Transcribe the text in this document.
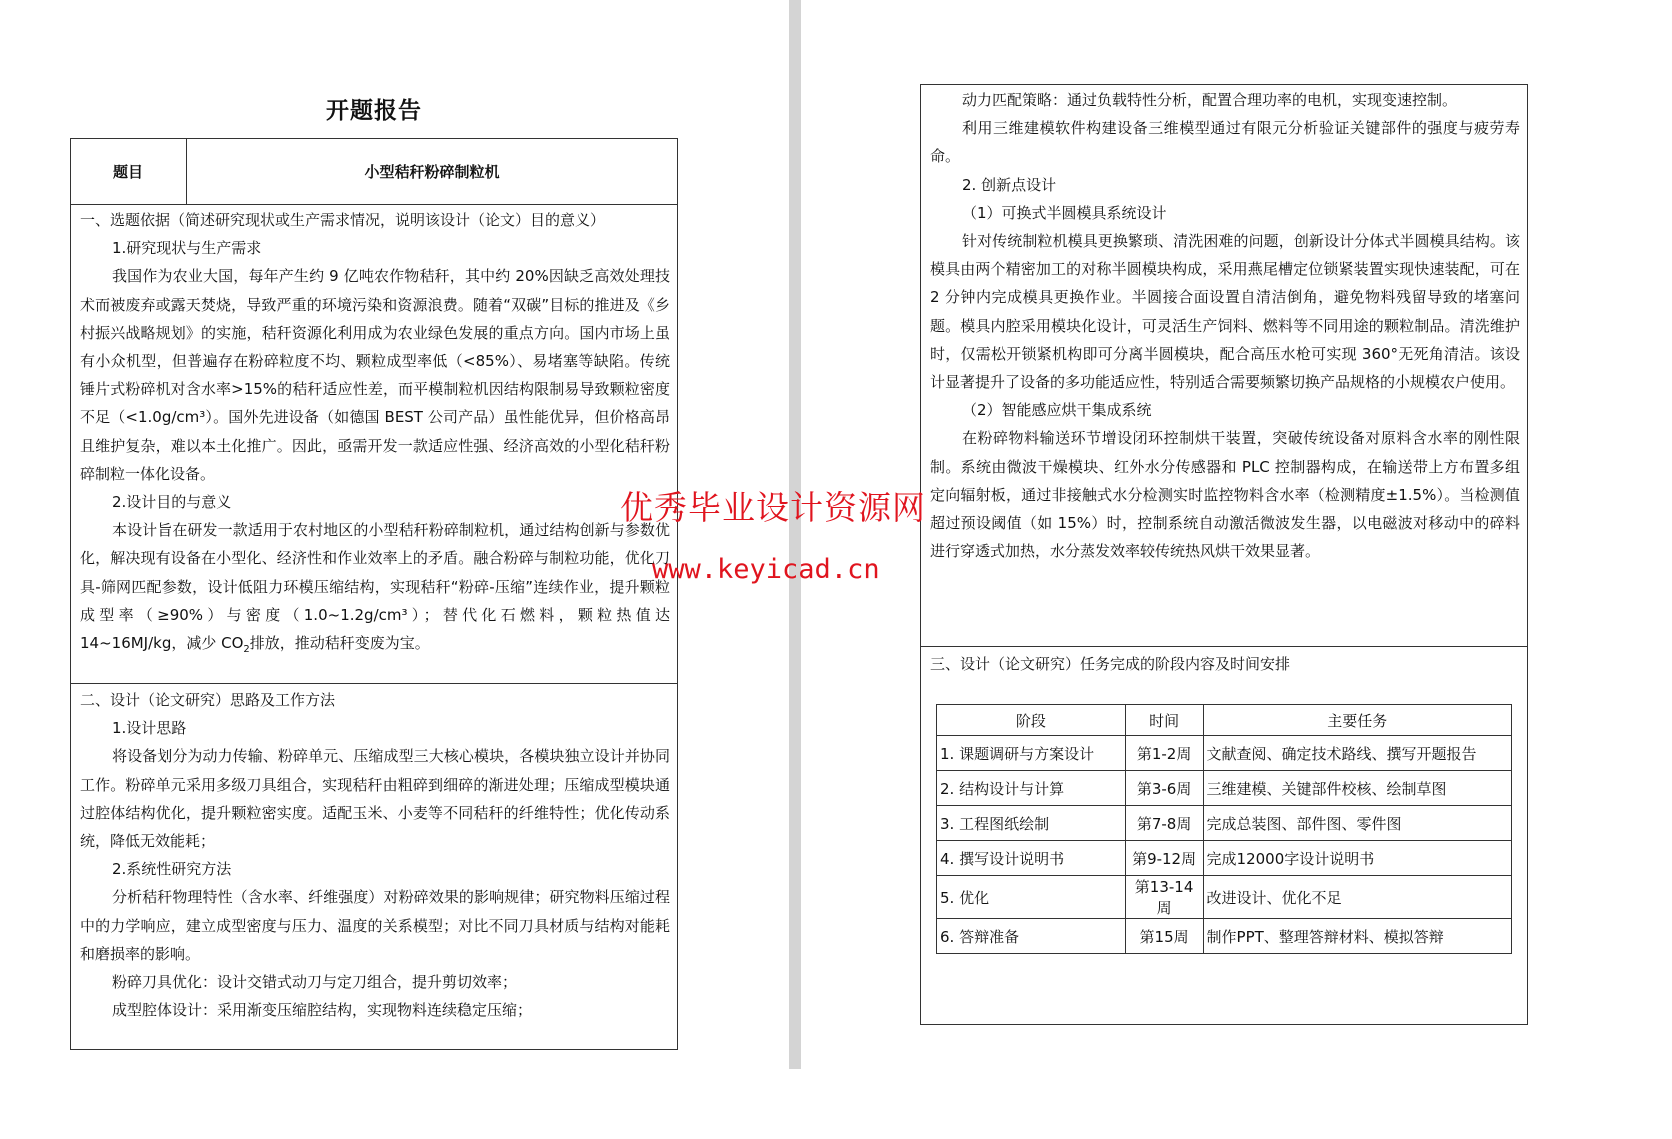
开题报告
题目	小型秸秆粉碎制粒机

一、选题依据（简述研究现状或生产需求情况，说明该设计（论文）目的意义）

1.研究现状与生产需求

我国作为农业大国，每年产生约 9 亿吨农作物秸秆，其中约 20%因缺乏高效处理技术而被废弃或露天焚烧，导致严重的环境污染和资源浪费。随着“双碳”目标的推进及《乡村振兴战略规划》的实施，秸秆资源化利用成为农业绿色发展的重点方向。国内市场上虽有小众机型，但普遍存在粉碎粒度不均、颗粒成型率低（<85%）、易堵塞等缺陷。传统锤片式粉碎机对含水率>15%的秸秆适应性差，而平模制粒机因结构限制易导致颗粒密度不足（<1.0g/cm³）。国外先进设备（如德国 BEST 公司产品）虽性能优异，但价格高昂且维护复杂，难以本土化推广。因此，亟需开发一款适应性强、经济高效的小型化秸秆粉碎制粒一体化设备。

2.设计目的与意义

本设计旨在研发一款适用于农村地区的小型秸秆粉碎制粒机，通过结构创新与参数优化，解决现有设备在小型化、经济性和作业效率上的矛盾。融合粉碎与制粒功能，优化刀具-筛网匹配参数，设计低阻力环模压缩结构，实现秸秆“粉碎-压缩”连续作业，提升颗粒成型率（≥90%）与密度（1.0~1.2g/cm³）；替代化石燃料，颗粒热值达 14~16MJ/kg，减少 $CO_2$排放，推动秸秆变废为宝。

二、设计（论文研究）思路及工作方法

1.设计思路

将设备划分为动力传输、粉碎单元、压缩成型三大核心模块，各模块独立设计并协同工作。粉碎单元采用多级刀具组合，实现秸秆由粗碎到细碎的渐进处理；压缩成型模块通过腔体结构优化，提升颗粒密实度。适配玉米、小麦等不同秸秆的纤维特性；优化传动系统，降低无效能耗；

2.系统性研究方法

分析秸秆物理特性（含水率、纤维强度）对粉碎效果的影响规律；研究物料压缩过程中的力学响应，建立成型密度与压力、温度的关系模型；对比不同刀具材质与结构对能耗和磨损率的影响。

粉碎刀具优化：设计交错式动刀与定刀组合，提升剪切效率；

成型腔体设计：采用渐变压缩腔结构，实现物料连续稳定压缩；

动力匹配策略：通过负载特性分析，配置合理功率的电机，实现变速控制。

利用三维建模软件构建设备三维模型通过有限元分析验证关键部件的强度与疲劳寿命。

2. 创新点设计

（1）可换式半圆模具系统设计

针对传统制粒机模具更换繁琐、清洗困难的问题，创新设计分体式半圆模具结构。该模具由两个精密加工的对称半圆模块构成，采用燕尾槽定位锁紧装置实现快速装配，可在 2 分钟内完成模具更换作业。半圆接合面设置自清洁倒角，避免物料残留导致的堵塞问题。模具内腔采用模块化设计，可灵活生产饲料、燃料等不同用途的颗粒制品。清洗维护时，仅需松开锁紧机构即可分离半圆模块，配合高压水枪可实现 360°无死角清洁。该设计显著提升了设备的多功能适应性，特别适合需要频繁切换产品规格的小规模农户使用。

（2）智能感应烘干集成系统

在粉碎物料输送环节增设闭环控制烘干装置，突破传统设备对原料含水率的刚性限制。系统由微波干燥模块、红外水分传感器和 PLC 控制器构成，在输送带上方布置多组定向辐射板，通过非接触式水分检测实时监控物料含水率（检测精度±1.5%）。当检测值超过预设阈值（如 15%）时，控制系统自动激活微波发生器，以电磁波对移动中的碎料进行穿透式加热，水分蒸发效率较传统热风烘干效果显著。

三、设计（论文研究）任务完成的阶段内容及时间安排
阶段	时间	主要任务
1. 课题调研与方案设计	第1-2周	文献查阅、确定技术路线、撰写开题报告
2. 结构设计与计算	第3-6周	三维建模、关键部件校核、绘制草图
3. 工程图纸绘制	第7-8周	完成总装图、部件图、零件图
4. 撰写设计说明书	第9-12周	完成12000字设计说明书
5. 优化	第13-14周	改进设计、优化不足
6. 答辩准备	第15周	制作PPT、整理答辩材料、模拟答辩
优秀毕业设计资源网
www.keyicad.cn
